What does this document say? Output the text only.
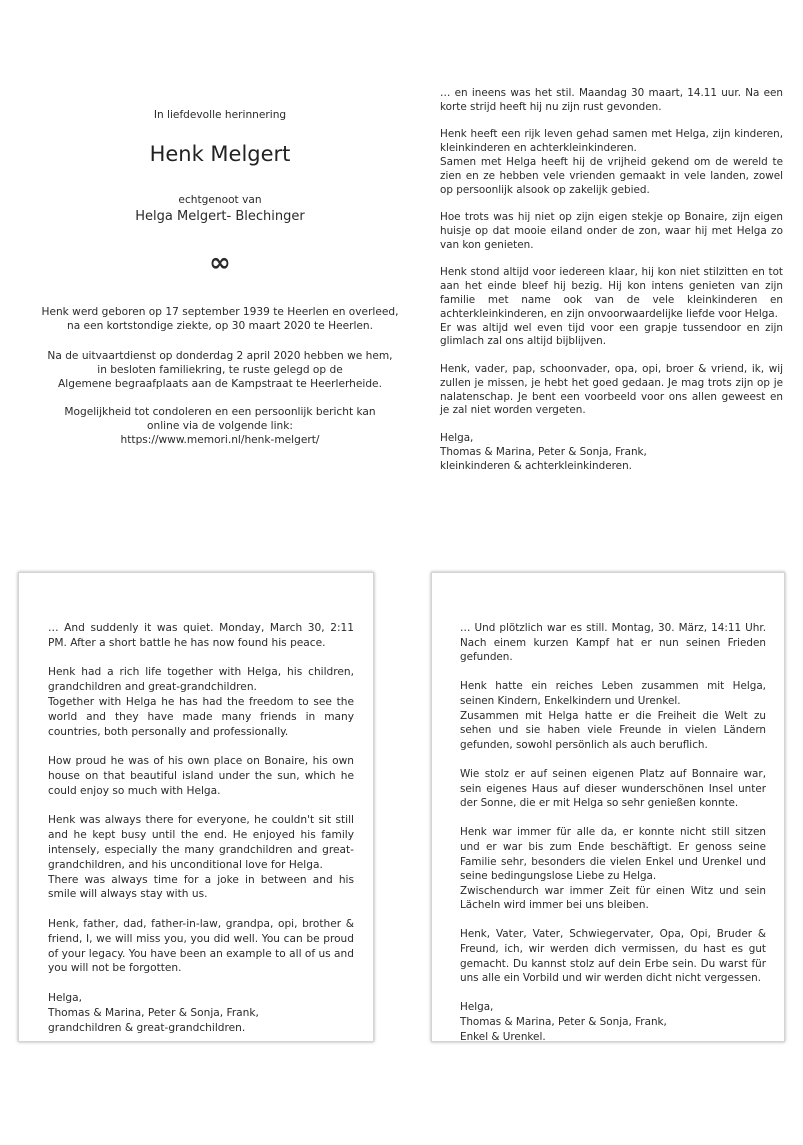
In liefdevolle herinnering
Henk Melgert
echtgenoot van
Helga Melgert- Blechinger
∞
Henk werd geboren op 17 september 1939 te Heerlen en overleed,
na een kortstondige ziekte, op 30 maart 2020 te Heerlen.
Na de uitvaartdienst op donderdag 2 april 2020 hebben we hem,
in besloten familiekring, te ruste gelegd op de
Algemene begraafplaats aan de Kampstraat te Heerlerheide.
Mogelijkheid tot condoleren en een persoonlijk bericht kan
online via de volgende link:
https://www.memori.nl/henk-melgert/

… en ineens was het stil. Maandag 30 maart, 14.11 uur. Na een korte strijd heeft hij nu zijn rust gevonden.

Henk heeft een rijk leven gehad samen met Helga, zijn kinderen, kleinkinderen en achterkleinkinderen.

Samen met Helga heeft hij de vrijheid gekend om de wereld te zien en ze hebben vele vrienden gemaakt in vele landen, zowel op persoonlijk alsook op zakelijk gebied.

Hoe trots was hij niet op zijn eigen stekje op Bonaire, zijn eigen huisje op dat mooie eiland onder de zon, waar hij met Helga zo van kon genieten.

Henk stond altijd voor iedereen klaar, hij kon niet stilzitten en tot aan het einde bleef hij bezig. Hij kon intens genieten van zijn familie met name ook van de vele kleinkinderen en achterkleinkinderen, en zijn onvoorwaardelijke liefde voor Helga.

Er was altijd wel even tijd voor een grapje tussendoor en zijn glimlach zal ons altijd bijblijven.

Henk, vader, pap, schoonvader, opa, opi, broer & vriend, ik, wij zullen je missen, je hebt het goed gedaan. Je mag trots zijn op je nalatenschap. Je bent een voorbeeld voor ons allen geweest en je zal niet worden vergeten.

Helga,
Thomas & Marina, Peter & Sonja, Frank,
kleinkinderen & achterkleinkinderen.

… And suddenly it was quiet. Monday, March 30, 2:11 PM. After a short battle he has now found his peace.

Henk had a rich life together with Helga, his children, grandchildren and great-grandchildren.

Together with Helga he has had the freedom to see the world and they have made many friends in many countries, both personally and professionally.

How proud he was of his own place on Bonaire, his own house on that beautiful island under the sun, which he could enjoy so much with Helga.

Henk was always there for everyone, he couldn't sit still and he kept busy until the end. He enjoyed his family intensely, especially the many grandchildren and great-grandchildren, and his unconditional love for Helga.

There was always time for a joke in between and his smile will always stay with us.

Henk, father, dad, father-in-law, grandpa, opi, brother & friend, I, we will miss you, you did well. You can be proud of your legacy. You have been an example to all of us and you will not be forgotten.

Helga,
Thomas & Marina, Peter & Sonja, Frank,
grandchildren & great-grandchildren.

… Und plötzlich war es still. Montag, 30. März, 14:11 Uhr. Nach einem kurzen Kampf hat er nun seinen Frieden gefunden.

Henk hatte ein reiches Leben zusammen mit Helga, seinen Kindern, Enkelkindern und Urenkel.

Zusammen mit Helga hatte er die Freiheit die Welt zu sehen und sie haben viele Freunde in vielen Ländern gefunden, sowohl persönlich als auch beruflich.

Wie stolz er auf seinen eigenen Platz auf Bonnaire war, sein eigenes Haus auf dieser wunderschönen Insel unter der Sonne, die er mit Helga so sehr genießen konnte.

Henk war immer für alle da, er konnte nicht still sitzen und er war bis zum Ende beschäftigt. Er genoss seine Familie sehr, besonders die vielen Enkel und Urenkel und seine bedingungslose Liebe zu Helga.

Zwischendurch war immer Zeit für einen Witz und sein Lächeln wird immer bei uns bleiben.

Henk, Vater, Vater, Schwiegervater, Opa, Opi, Bruder & Freund, ich, wir werden dich vermissen, du hast es gut gemacht. Du kannst stolz auf dein Erbe sein. Du warst für uns alle ein Vorbild und wir werden dicht nicht vergessen.

Helga,
Thomas & Marina, Peter & Sonja, Frank,
Enkel & Urenkel.
